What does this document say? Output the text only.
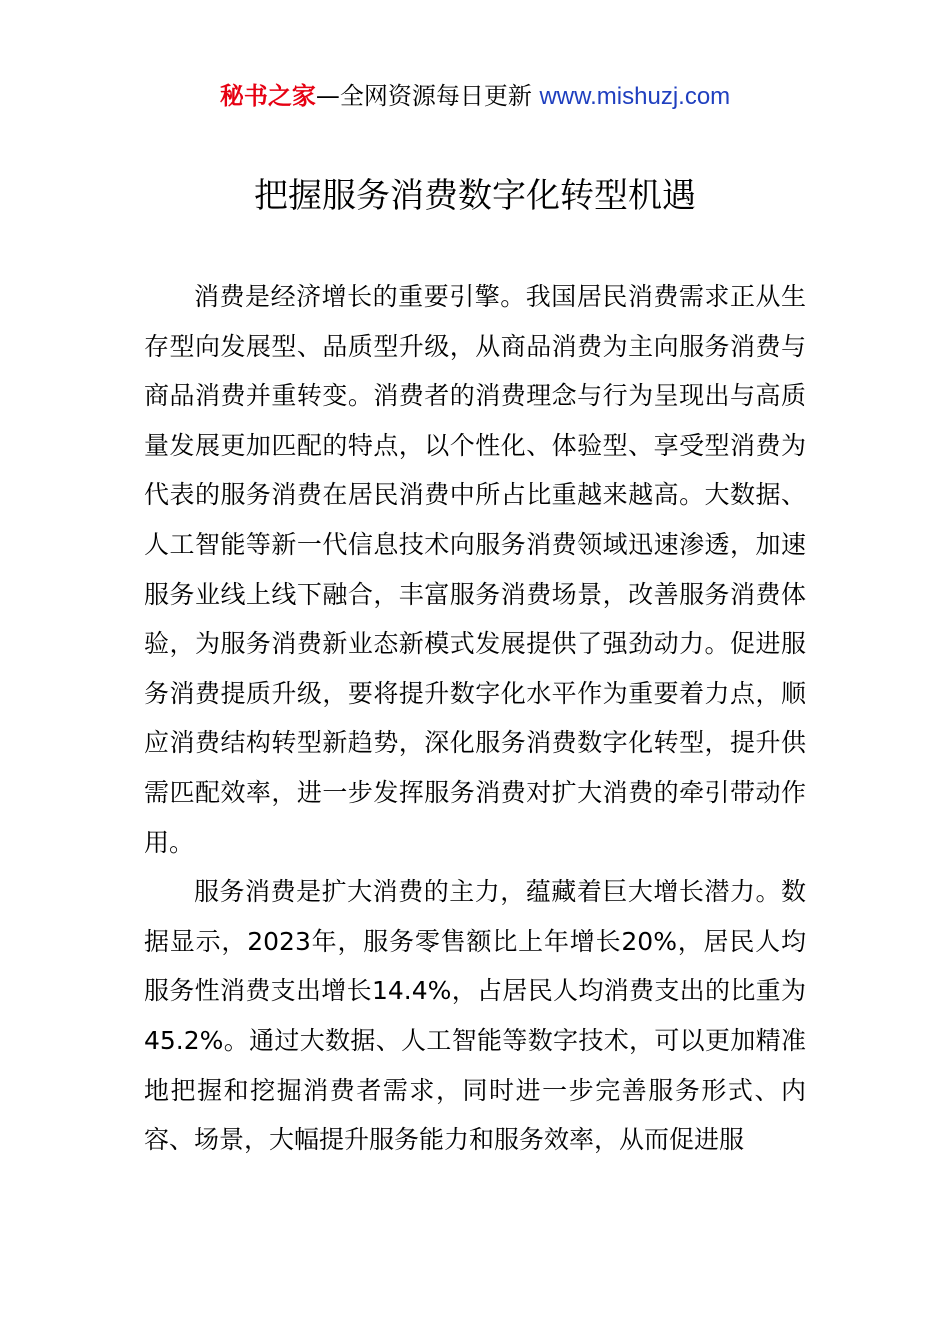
秘书之家—全网资源每日更新 www.mishuzj.com
把握服务消费数字化转型机遇

消费是经济增长的重要引擎。我国居民消费需求正从生存型向发展型、品质型升级，从商品消费为主向服务消费与商品消费并重转变。消费者的消费理念与行为呈现出与高质量发展更加匹配的特点，以个性化、体验型、享受型消费为代表的服务消费在居民消费中所占比重越来越高。大数据、人工智能等新一代信息技术向服务消费领域迅速渗透，加速服务业线上线下融合，丰富服务消费场景，改善服务消费体验，为服务消费新业态新模式发展提供了强劲动力。促进服务消费提质升级，要将提升数字化水平作为重要着力点，顺应消费结构转型新趋势，深化服务消费数字化转型，提升供需匹配效率，进一步发挥服务消费对扩大消费的牵引带动作用。

服务消费是扩大消费的主力，蕴藏着巨大增长潜力。数据显示，2023年，服务零售额比上年增长20%，居民人均服务性消费支出增长14.4%，占居民人均消费支出的比重为45.2%。通过大数据、人工智能等数字技术，可以更加精准地把握和挖掘消费者需求，同时进一步完善服务形式、内容、场景，大幅提升服务能力和服务效率，从而促进服
